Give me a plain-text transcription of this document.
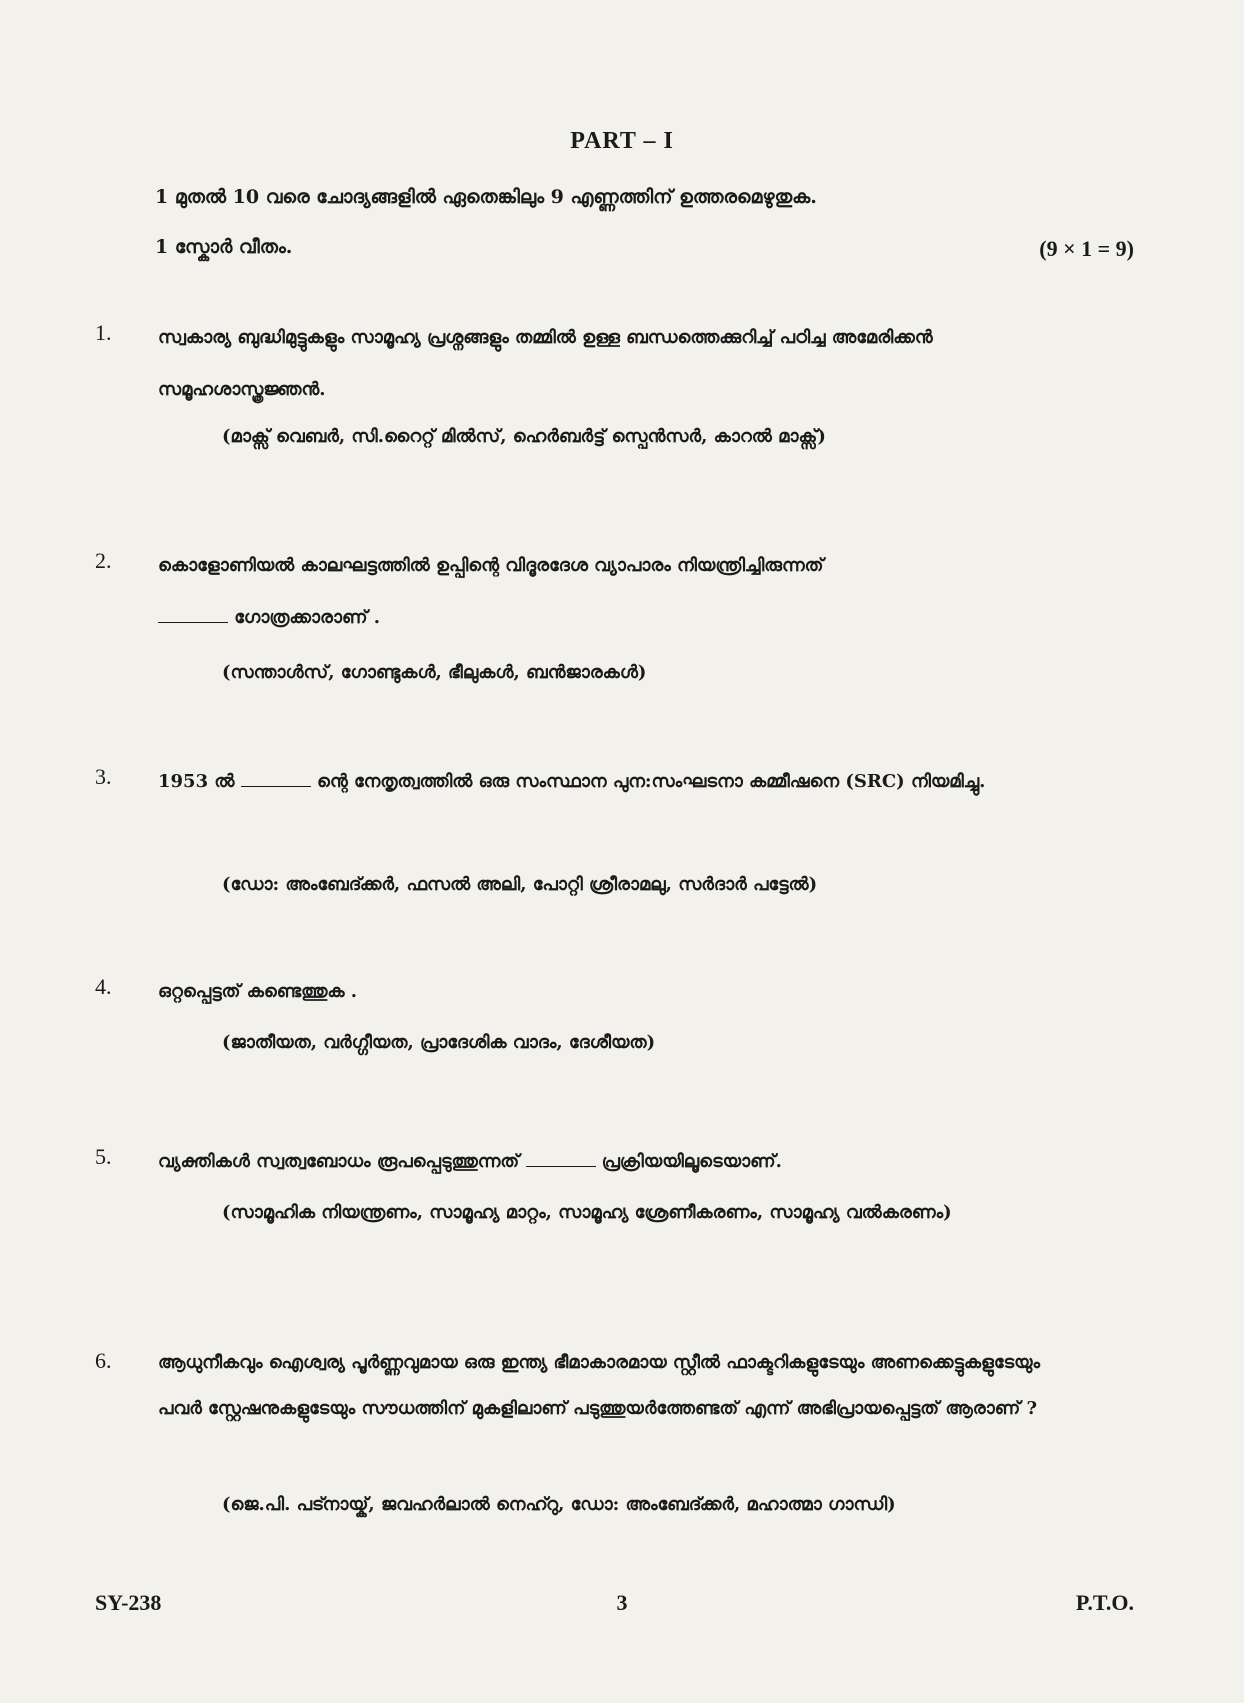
PART – I
1 മുതൽ 10 വരെ ചോദ്യങ്ങളിൽ ഏതെങ്കിലും 9 എണ്ണത്തിന് ഉത്തരമെഴുതുക.
1 സ്കോർ വീതം.	(9 × 1 = 9)
1.	സ്വകാര്യ ബുദ്ധിമുട്ടുകളും സാമൂഹ്യ പ്രശ്നങ്ങളും തമ്മിൽ ഉള്ള ബന്ധത്തെക്കുറിച്ച് പഠിച്ച അമേരിക്കൻ സമൂഹശാസ്ത്രജ്ഞൻ.
(മാക്സ് വെബർ, സി.റൈറ്റ് മിൽസ്, ഹെർബർട്ട് സ്പെൻസർ, കാറൽ മാക്സ്)
2.	കൊളോണിയൽ കാലഘട്ടത്തിൽ ഉപ്പിന്റെ വിദൂരദേശ വ്യാപാരം നിയന്ത്രിച്ചിരുന്നത്
ഗോത്രക്കാരാണ് .
(സന്താൾസ്, ഗോണ്ടുകൾ, ഭീലുകൾ, ബൻജാരകൾ)
3.	1953 ൽ	ന്റെ നേതൃത്വത്തിൽ ഒരു സംസ്ഥാന പുന:സംഘടനാ കമ്മീഷനെ (SRC) നിയമിച്ചു.
(ഡോ: അംബേദ്ക്കർ, ഫസൽ അലി, പോറ്റി ശ്രീരാമലു, സർദാർ പട്ടേൽ)
4.	ഒറ്റപ്പെട്ടത് കണ്ടെത്തുക .
(ജാതീയത, വർഗ്ഗീയത, പ്രാദേശിക വാദം, ദേശീയത)
5.	വ്യക്തികൾ സ്വത്വബോധം രൂപപ്പെടുത്തുന്നത്	പ്രക്രിയയിലൂടെയാണ്.
(സാമൂഹിക നിയന്ത്രണം, സാമൂഹ്യ മാറ്റം, സാമൂഹ്യ ശ്രേണീകരണം, സാമൂഹ്യ വൽകരണം)
6.	ആധുനീകവും ഐശ്വര്യ പൂർണ്ണവുമായ ഒരു ഇന്ത്യ ഭീമാകാരമായ സ്റ്റീൽ ഫാക്ടറികളുടേയും അണക്കെട്ടുകളുടേയും പവർ സ്റ്റേഷനുകളുടേയും സൗധത്തിന് മുകളിലാണ് പടുത്തുയർത്തേണ്ടത് എന്ന് അഭിപ്രായപ്പെട്ടത് ആരാണ് ?
(ജെ.പി. പട്നായ്ക്, ജവഹർലാൽ നെഹ്റു, ഡോ: അംബേദ്ക്കർ, മഹാത്മാ ഗാന്ധി)
SY-238	3	P.T.O.
